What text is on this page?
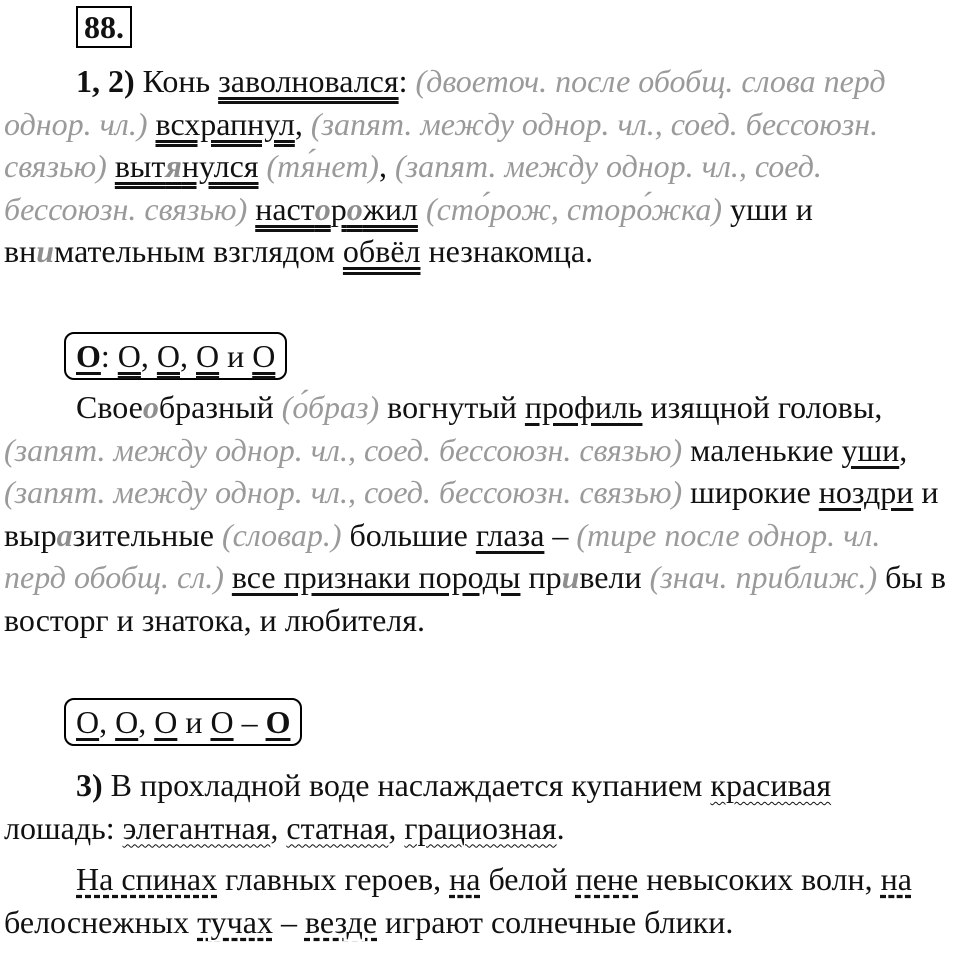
88.
1, 2) Конь заволновался: (двоеточ. после обобщ. слова перд однор. чл.) всхрапнул, (запят. между однор. чл., соед. бессоюзн. связью) вытянулся (тя́нет), (запят. между однор. чл., соед. бессоюзн. связью) насторожил (сто́рож, сторо́жка) уши и внимательным взглядом обвёл незнакомца.
О: О, О, О и О
Своеобразный (о́браз) вогнутый профиль изящной головы, (запят. между однор. чл., соед. бессоюзн. связью) маленькие уши, (запят. между однор. чл., соед. бессоюзн. связью) широкие ноздри и выразительные (словар.) большие глаза – (тире после однор. чл. перд обобщ. сл.) все признаки породы привели (знач. приближ.) бы в восторг и знатока, и любителя.
О, О, О и О – О
3) В прохладной воде наслаждается купанием красивая лошадь: элегантная, статная, грациозная.
На спинах главных героев, на белой пене невысоких волн, на белоснежных тучах – везде играют солнечные блики.
